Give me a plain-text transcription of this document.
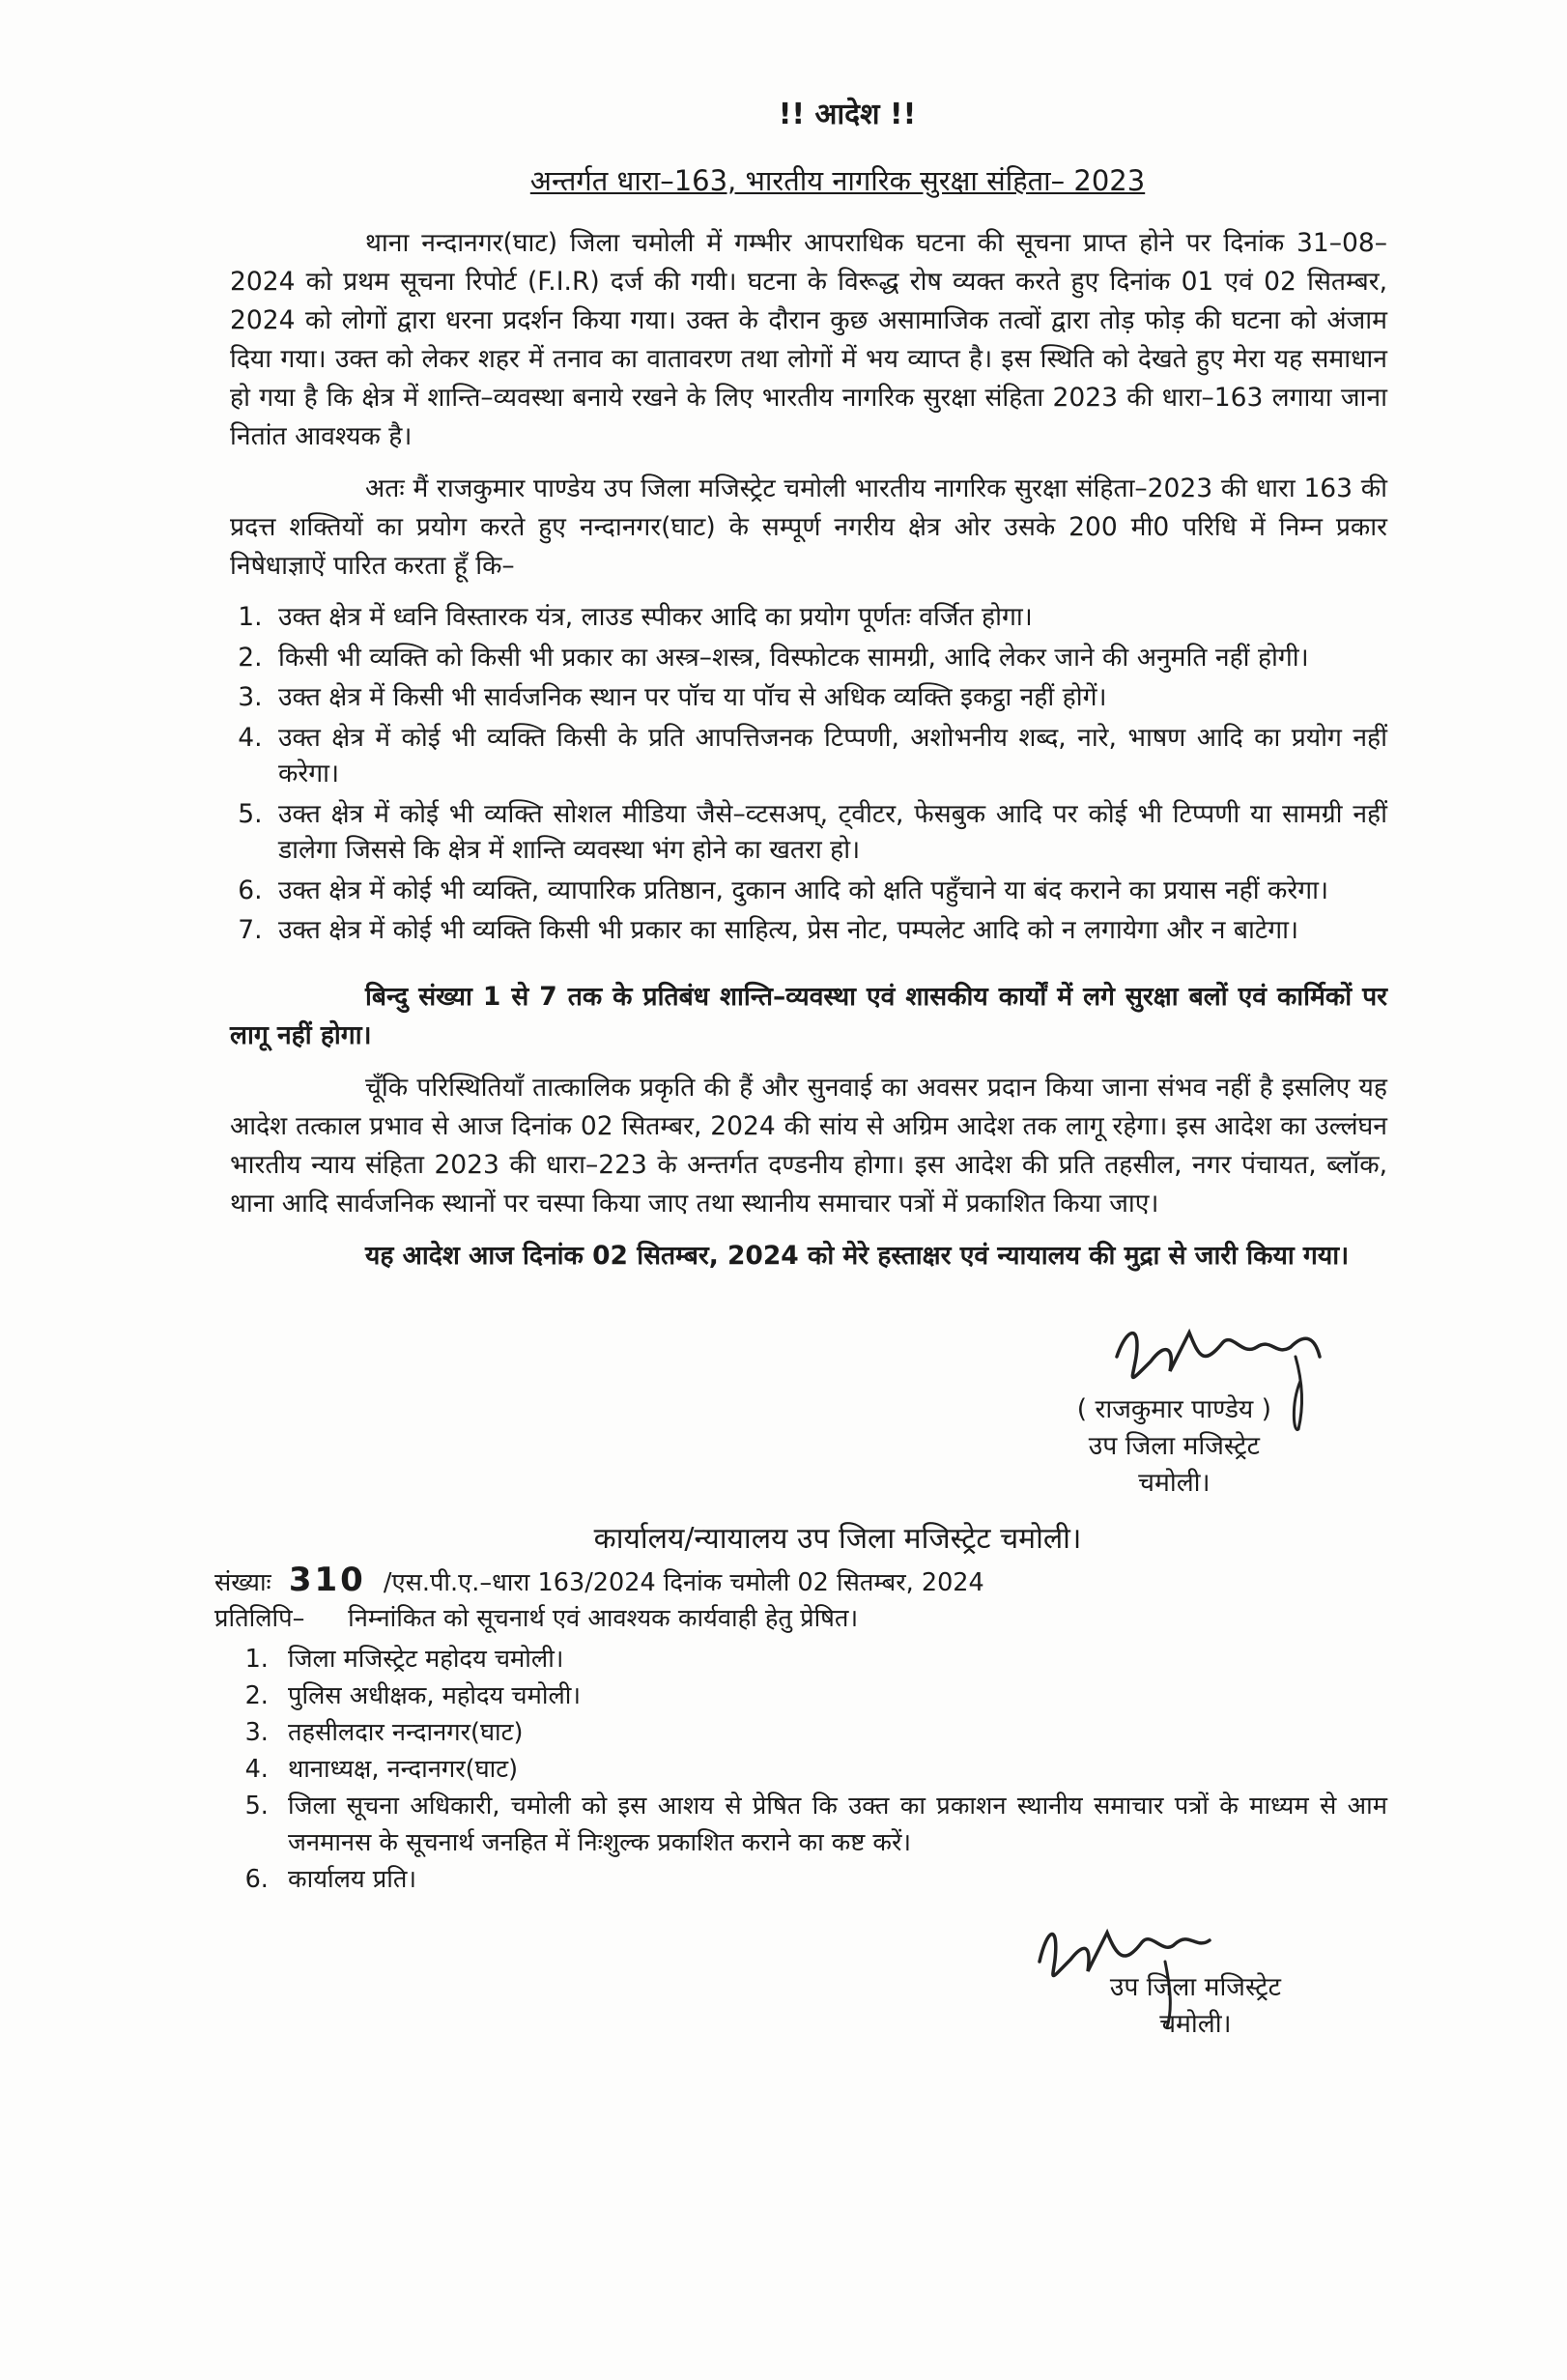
!! आदेश !!
अन्तर्गत धारा–163, भारतीय नागरिक सुरक्षा संहिता– 2023

थाना नन्दानगर(घाट) जिला चमोली में गम्भीर आपराधिक घटना की सूचना प्राप्त होने पर दिनांक 31–08–2024 को प्रथम सूचना रिपोर्ट (F.I.R) दर्ज की गयी। घटना के विरूद्ध रोष व्यक्त करते हुए दिनांक 01 एवं 02 सितम्बर, 2024 को लोगों द्वारा धरना प्रदर्शन किया गया। उक्त के दौरान कुछ असामाजिक तत्वों द्वारा तोड़ फोड़ की घटना को अंजाम दिया गया। उक्त को लेकर शहर में तनाव का वातावरण तथा लोगों में भय व्याप्त है। इस स्थिति को देखते हुए मेरा यह समाधान हो गया है कि क्षेत्र में शान्ति–व्यवस्था बनाये रखने के लिए भारतीय नागरिक सुरक्षा संहिता 2023 की धारा–163 लगाया जाना नितांत आवश्यक है।

अतः मैं राजकुमार पाण्डेय उप जिला मजिस्ट्रेट चमोली भारतीय नागरिक सुरक्षा संहिता–2023 की धारा 163 की प्रदत्त शक्तियों का प्रयोग करते हुए नन्दानगर(घाट) के सम्पूर्ण नगरीय क्षेत्र ओर उसके 200 मी0 परिधि में निम्न प्रकार निषेधाज्ञाऐं पारित करता हूँ कि–

1. उक्त क्षेत्र में ध्वनि विस्तारक यंत्र, लाउड स्पीकर आदि का प्रयोग पूर्णतः वर्जित होगा।
2. किसी भी व्यक्ति को किसी भी प्रकार का अस्त्र–शस्त्र, विस्फोटक सामग्री, आदि लेकर जाने की अनुमति नहीं होगी।
3. उक्त क्षेत्र में किसी भी सार्वजनिक स्थान पर पॉच या पॉच से अधिक व्यक्ति इकट्ठा नहीं होगें।
4. उक्त क्षेत्र में कोई भी व्यक्ति किसी के प्रति आपत्तिजनक टिप्पणी, अशोभनीय शब्द, नारे, भाषण आदि का प्रयोग नहीं करेगा।
5. उक्त क्षेत्र में कोई भी व्यक्ति सोशल मीडिया जैसे–व्टसअप्, ट्वीटर, फेसबुक आदि पर कोई भी टिप्पणी या सामग्री नहीं डालेगा जिससे कि क्षेत्र में शान्ति व्यवस्था भंग होने का खतरा हो।
6. उक्त क्षेत्र में कोई भी व्यक्ति, व्यापारिक प्रतिष्ठान, दुकान आदि को क्षति पहुँचाने या बंद कराने का प्रयास नहीं करेगा।
7. उक्त क्षेत्र में कोई भी व्यक्ति किसी भी प्रकार का साहित्य, प्रेस नोट, पम्पलेट आदि को न लगायेगा और न बाटेगा।

बिन्दु संख्या 1 से 7 तक के प्रतिबंध शान्ति–व्यवस्था एवं शासकीय कार्यों में लगे सुरक्षा बलों एवं कार्मिकों पर लागू नहीं होगा।

चूँकि परिस्थितियाँ तात्कालिक प्रकृति की हैं और सुनवाई का अवसर प्रदान किया जाना संभव नहीं है इसलिए यह आदेश तत्काल प्रभाव से आज दिनांक 02 सितम्बर, 2024 की सांय से अग्रिम आदेश तक लागू रहेगा। इस आदेश का उल्लंघन भारतीय न्याय संहिता 2023 की धारा–223 के अन्तर्गत दण्डनीय होगा। इस आदेश की प्रति तहसील, नगर पंचायत, ब्लॉक, थाना आदि सार्वजनिक स्थानों पर चस्पा किया जाए तथा स्थानीय समाचार पत्रों में प्रकाशित किया जाए।

यह आदेश आज दिनांक 02 सितम्बर, 2024 को मेरे हस्ताक्षर एवं न्यायालय की मुद्रा से जारी किया गया।

( राजकुमार पाण्डेय )
उप जिला मजिस्ट्रेट
चमोली।
कार्यालय/न्यायालय उप जिला मजिस्ट्रेट चमोली।
संख्याः 310 /एस.पी.ए.–धारा 163/2024 दिनांक चमोली 02 सितम्बर, 2024
प्रतिलिपि– निम्नांकित को सूचनार्थ एवं आवश्यक कार्यवाही हेतु प्रेषित।
1. जिला मजिस्ट्रेट महोदय चमोली।
2. पुलिस अधीक्षक, महोदय चमोली।
3. तहसीलदार नन्दानगर(घाट)
4. थानाध्यक्ष, नन्दानगर(घाट)
5. जिला सूचना अधिकारी, चमोली को इस आशय से प्रेषित कि उक्त का प्रकाशन स्थानीय समाचार पत्रों के माध्यम से आम जनमानस के सूचनार्थ जनहित में निःशुल्क प्रकाशित कराने का कष्ट करें।
6. कार्यालय प्रति।
उप जिला मजिस्ट्रेट
चमोली।
